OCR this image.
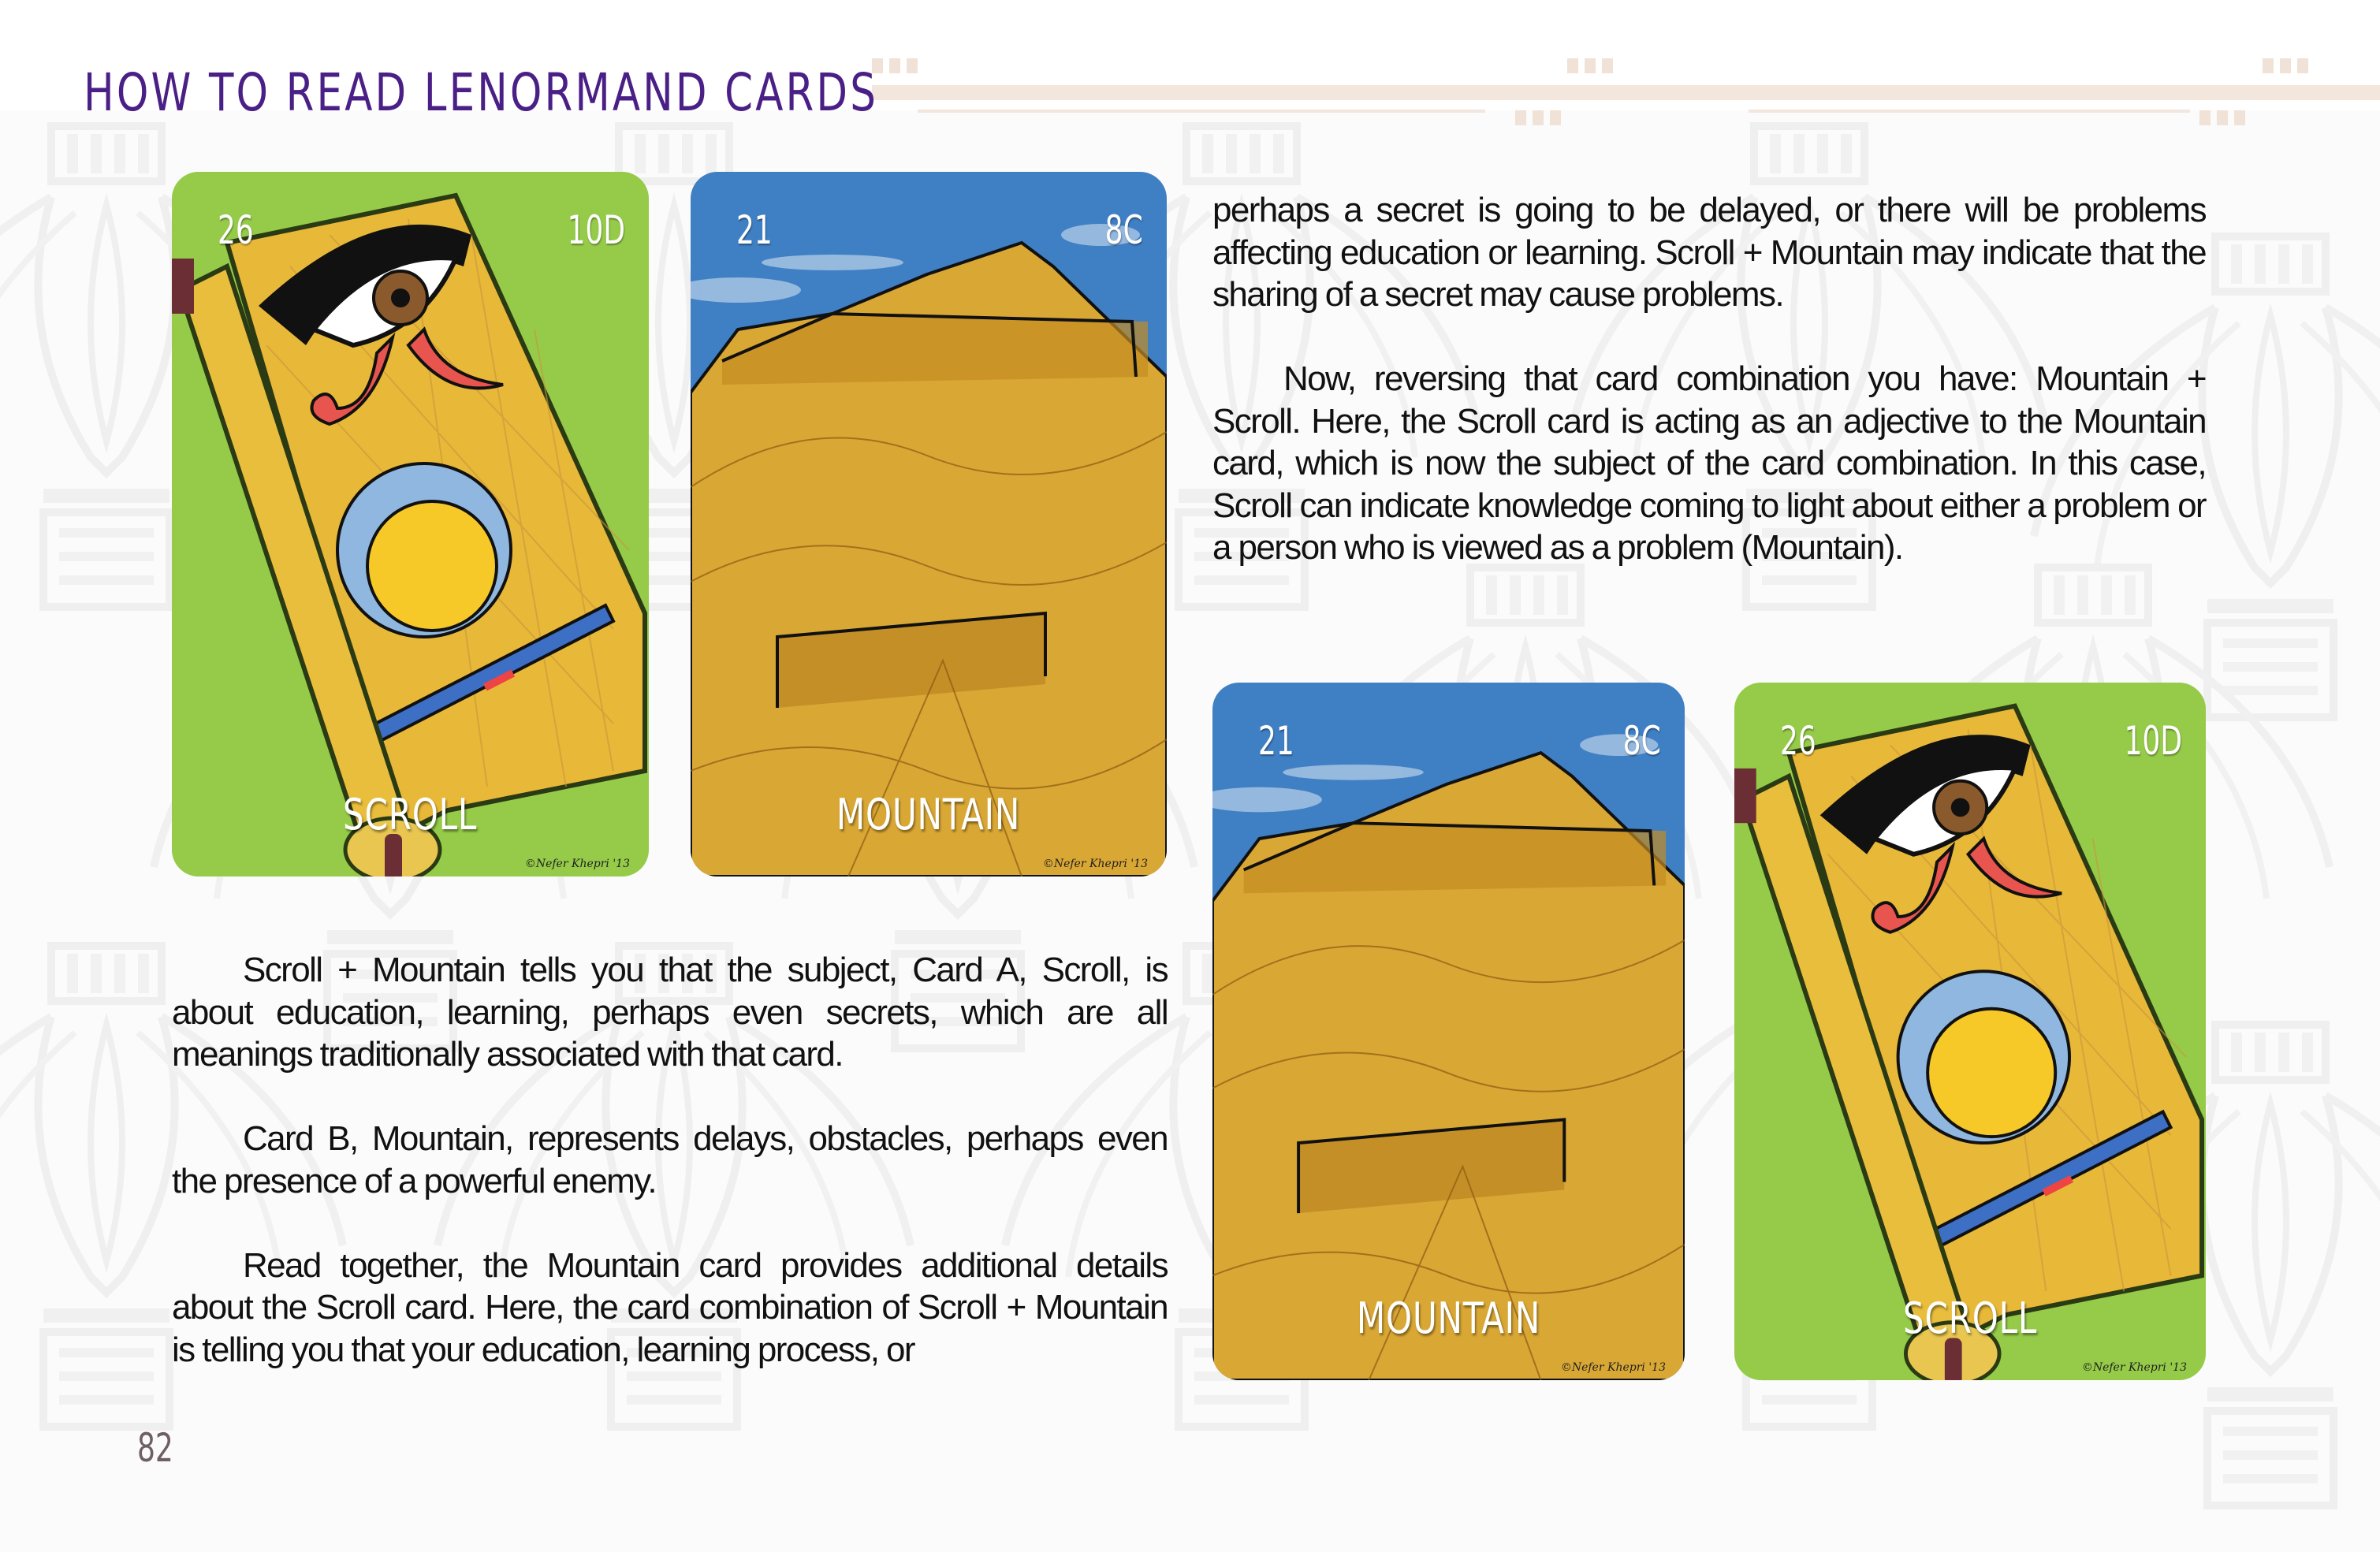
HOW TO READ LENORMAND CARDS
26	10D
SCROLL
©Nefer Khepri '13
21	8C
MOUNTAIN
©Nefer Khepri '13
21	8C
MOUNTAIN
©Nefer Khepri '13
26	10D
SCROLL
©Nefer Khepri '13

Scroll + Mountain tells you that the subject, Card A, Scroll, is about education, learning, perhaps even secrets, which are all meanings traditionally associated with that card.

Card B, Mountain, represents delays, obstacles, perhaps even the presence of a powerful enemy.

Read together, the Mountain card provides additional details about the Scroll card. Here, the card combination of Scroll + Mountain is telling you that your education, learning process, or

perhaps a secret is going to be delayed, or there will be problems affecting education or learning. Scroll + Mountain may indicate that the sharing of a secret may cause problems.

Now, reversing that card combination you have: Mountain + Scroll. Here, the Scroll card is acting as an adjective to the Mountain card, which is now the subject of the card combination. In this case, Scroll can indicate knowledge coming to light about either a problem or a person who is viewed as a problem (Mountain).

82
